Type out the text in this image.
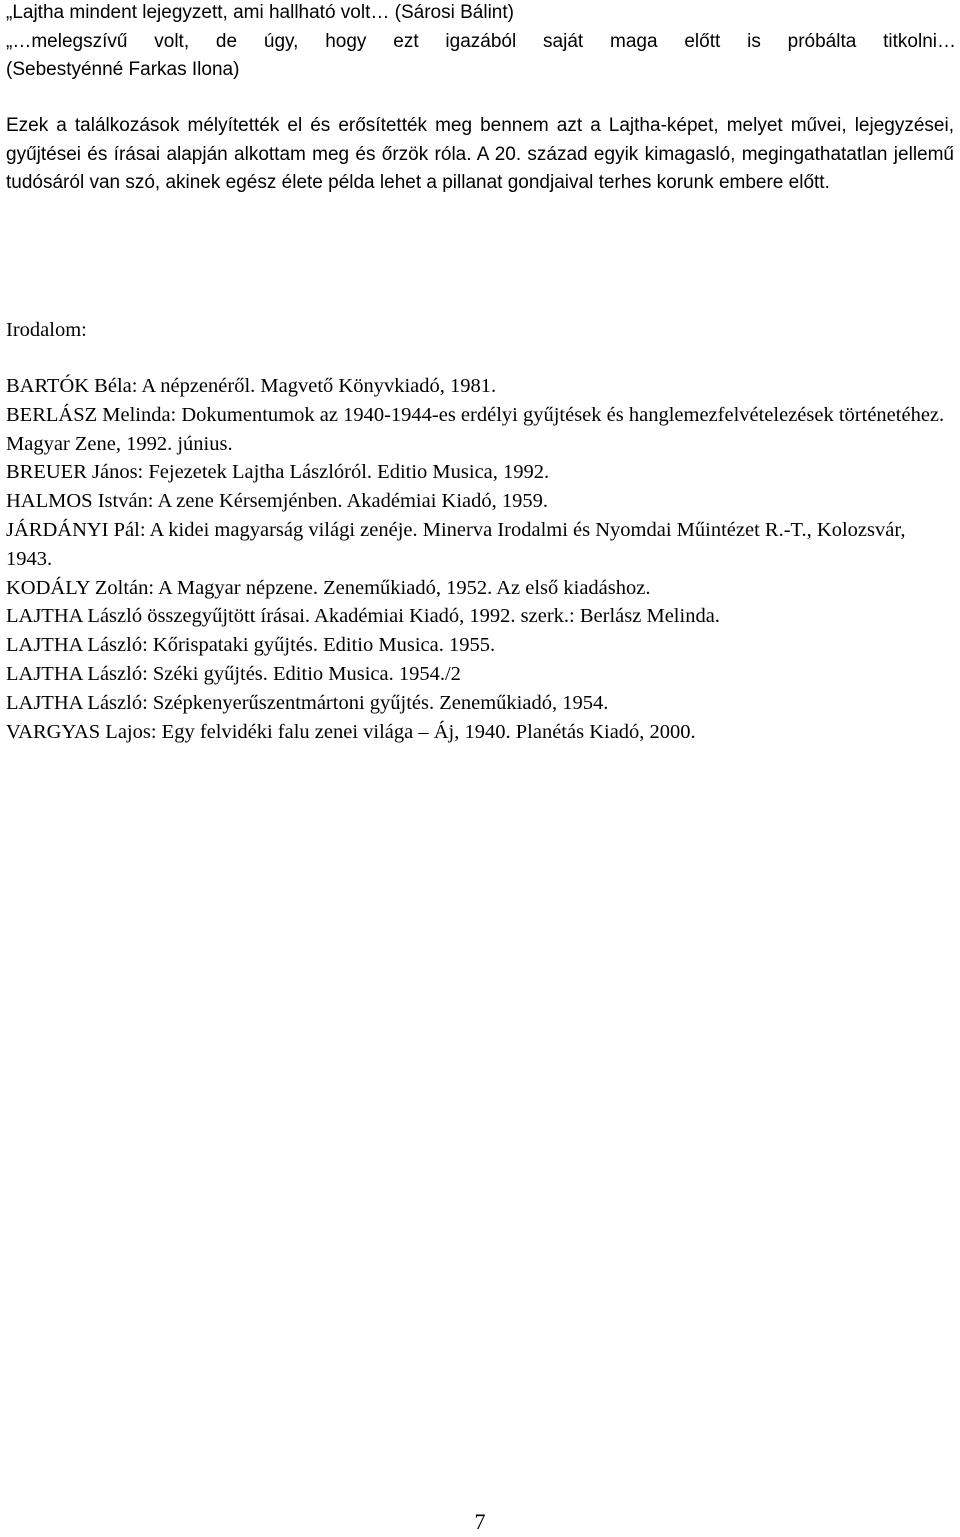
„Lajtha mindent lejegyzett, ami hallható volt… (Sárosi Bálint)
„…melegszívű volt, de úgy, hogy ezt igazából saját maga előtt is próbálta titkolni…
(Sebestyénné Farkas Ilona)

Ezek a találkozások mélyítették el és erősítették meg bennem azt a Lajtha-képet, melyet művei, lejegyzései, gyűjtései és írásai alapján alkottam meg és őrzök róla. A 20. század egyik kimagasló, megingathatatlan jellemű tudósáról van szó, akinek egész élete példa lehet a pillanat gondjaival terhes korunk embere előtt.

Irodalom:
BARTÓK Béla: A népzenéről. Magvető Könyvkiadó, 1981.
BERLÁSZ Melinda: Dokumentumok az 1940-1944-es erdélyi gyűjtések és hanglemezfelvételezések történetéhez. Magyar Zene, 1992. június.
BREUER János: Fejezetek Lajtha Lászlóról. Editio Musica, 1992.
HALMOS István: A zene Kérsemjénben. Akadémiai Kiadó, 1959.
JÁRDÁNYI Pál: A kidei magyarság világi zenéje. Minerva Irodalmi és Nyomdai Műintézet R.-T., Kolozsvár, 1943.
KODÁLY Zoltán: A Magyar népzene. Zeneműkiadó, 1952. Az első kiadáshoz.
LAJTHA László összegyűjtött írásai. Akadémiai Kiadó, 1992. szerk.: Berlász Melinda.
LAJTHA László: Kőrispataki gyűjtés. Editio Musica. 1955.
LAJTHA László: Széki gyűjtés. Editio Musica. 1954./2
LAJTHA László: Szépkenyerűszentmártoni gyűjtés. Zeneműkiadó, 1954.
VARGYAS Lajos: Egy felvidéki falu zenei világa – Áj, 1940. Planétás Kiadó, 2000.
7
